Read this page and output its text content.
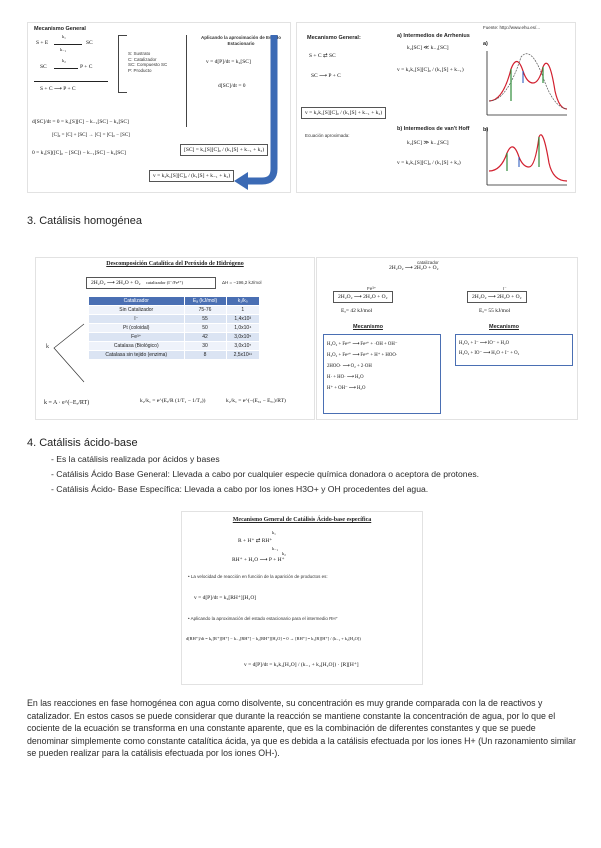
Mecanismo General
S + E
k₁
k₋₁
SC
SC
k₂
P + C
S + C ⟶ P + C
S: Sustrato
C: Catalizador
SC: Compuesto SC
P: Producto
Aplicando la aproximación de Estado Estacionario
v = d[P]/dt = k₂[SC]
d[SC]/dt = 0
d[SC]/dt = 0 = k₁[S][C] − k₋₁[SC] − k₂[SC]
[C]₀ = [C] + [SC] → [C] = [C]₀ − [SC]
0 = k₁[S]([C]₀ − [SC]) − k₋₁[SC] − k₂[SC]	[SC] = k₁[S][C]₀ / (k₁[S] + k₋₁ + k₂)
v = k₂k₁[S][C]₀ / (k₁[S] + k₋₁ + k₂)
Mecanismo General:
S + C ⇄ SC
SC ⟶ P + C
v = k₂k₁[S][C]₀ / (k₁[S] + k₋₁ + k₂)
Ecuación aproximada:
a) Intermedios de Arrhenius
k₂[SC] ≪ k₋₁[SC]
v = k₂k₁[S][C]₀ / (k₁[S] + k₋₁)
b) Intermedios de van't Hoff
k₂[SC] ≫ k₋₁[SC]
v = k₂k₁[S][C]₀ / (k₁[S] + k₂)
a)
Fuente: http://www.ehu.es/...
b)
3. Catálisis homogénea
Descomposición Catalítica del Peróxido de Hidrógeno
2H₂O₂ ⟶ 2H₂O + O₂ catalizador (I⁻/Fe³⁺)	ΔH = −196,2 kJ/mol
Catalizador	Eₐ (kJ/mol)	k₁/k₀
Sin Catalizador	75-76	1
I⁻	55	1,4x10³
Pt (coloidal)	50	1,0x10⁴
Fe³⁺	42	3,0x10⁵
Catalasa (Biológico)	30	3,0x10⁷
Catalasa sin tejido (enzima)	8	2,5x10¹¹
k
k = A · e^(−Eₐ/RT)	k₂/k₁ = e^(Eₐ/R (1/T₁ − 1/T₂))	k₂/k₁ = e^(−(Eₐ₂ − Eₐ₁)/RT)
2H₂O₂ ⟶ 2H₂O + O₂
catalizador
2H₂O₂ ⟶ 2H₂O + O₂
Fe³⁺
2H₂O₂ ⟶ 2H₂O + O₂
I⁻
Eₐ= 42 kJ/mol	Eₐ= 55 kJ/mol
Mecanismo	Mecanismo
H₂O₂ + Fe³⁺ ⟶ Fe²⁺ + ·OH + OH⁻
H₂O₂ + Fe²⁺ ⟶ Fe³⁺ + H⁺ + HOO·
2HOO· ⟶ O₂ + 2·OH
H· + HO· ⟶ H₂O
H⁺ + OH⁻ ⟶ H₂O
H₂O₂ + I⁻ ⟶ IO⁻ + H₂O
H₂O₂ + IO⁻ ⟶ H₂O + I⁻ + O₂
4. Catálisis ácido-base
- Es la catálisis realizada por ácidos y bases
- Catálisis Ácido Base General: Llevada a cabo por cualquier especie química donadora o aceptora de protones.
- Catálisis Ácido- Base Específica: Llevada a cabo por los iones H3O+ y OH procedentes del agua.
Mecanismo General de Catálisis Ácido-base específica
R + H⁺ ⇄ RH⁺
k₁
k₋₁
RH⁺ + H₂O ⟶ P + H⁺
k₂
• La velocidad de reacción en función de la aparición de productos es:
v = d[P]/dt = k₂[RH⁺][H₂O]
• Aplicando la aproximación del estado estacionario para el intermedio RH⁺
d[RH⁺]/dt = k₁[R⁺][H⁺] − k₋₁[RH⁺] − k₂[RH⁺][H₂O] = 0 → [RH⁺] = k₁[R][H⁺] / (k₋₁ + k₂[H₂O])
v = d[P]/dt = k₂k₁[H₂O] / (k₋₁ + k₂[H₂O]) · [R][H⁺]
En las reacciones en fase homogénea con agua como disolvente, su concentración es muy grande comparada con la de reactivos y catalizador. En estos casos se puede considerar que durante la reacción se mantiene constante la concentración de agua, por lo que el cociente de la ecuación se transforma en una constante aparente, que es la combinación de diferentes constantes y que se puede denominar simplemente como constante catalítica ácida, ya que es debida a la catálisis efectuada por los iones H+ (Un razonamiento similar se pueden realizar para la catálisis efectuada por los iones OH-).
